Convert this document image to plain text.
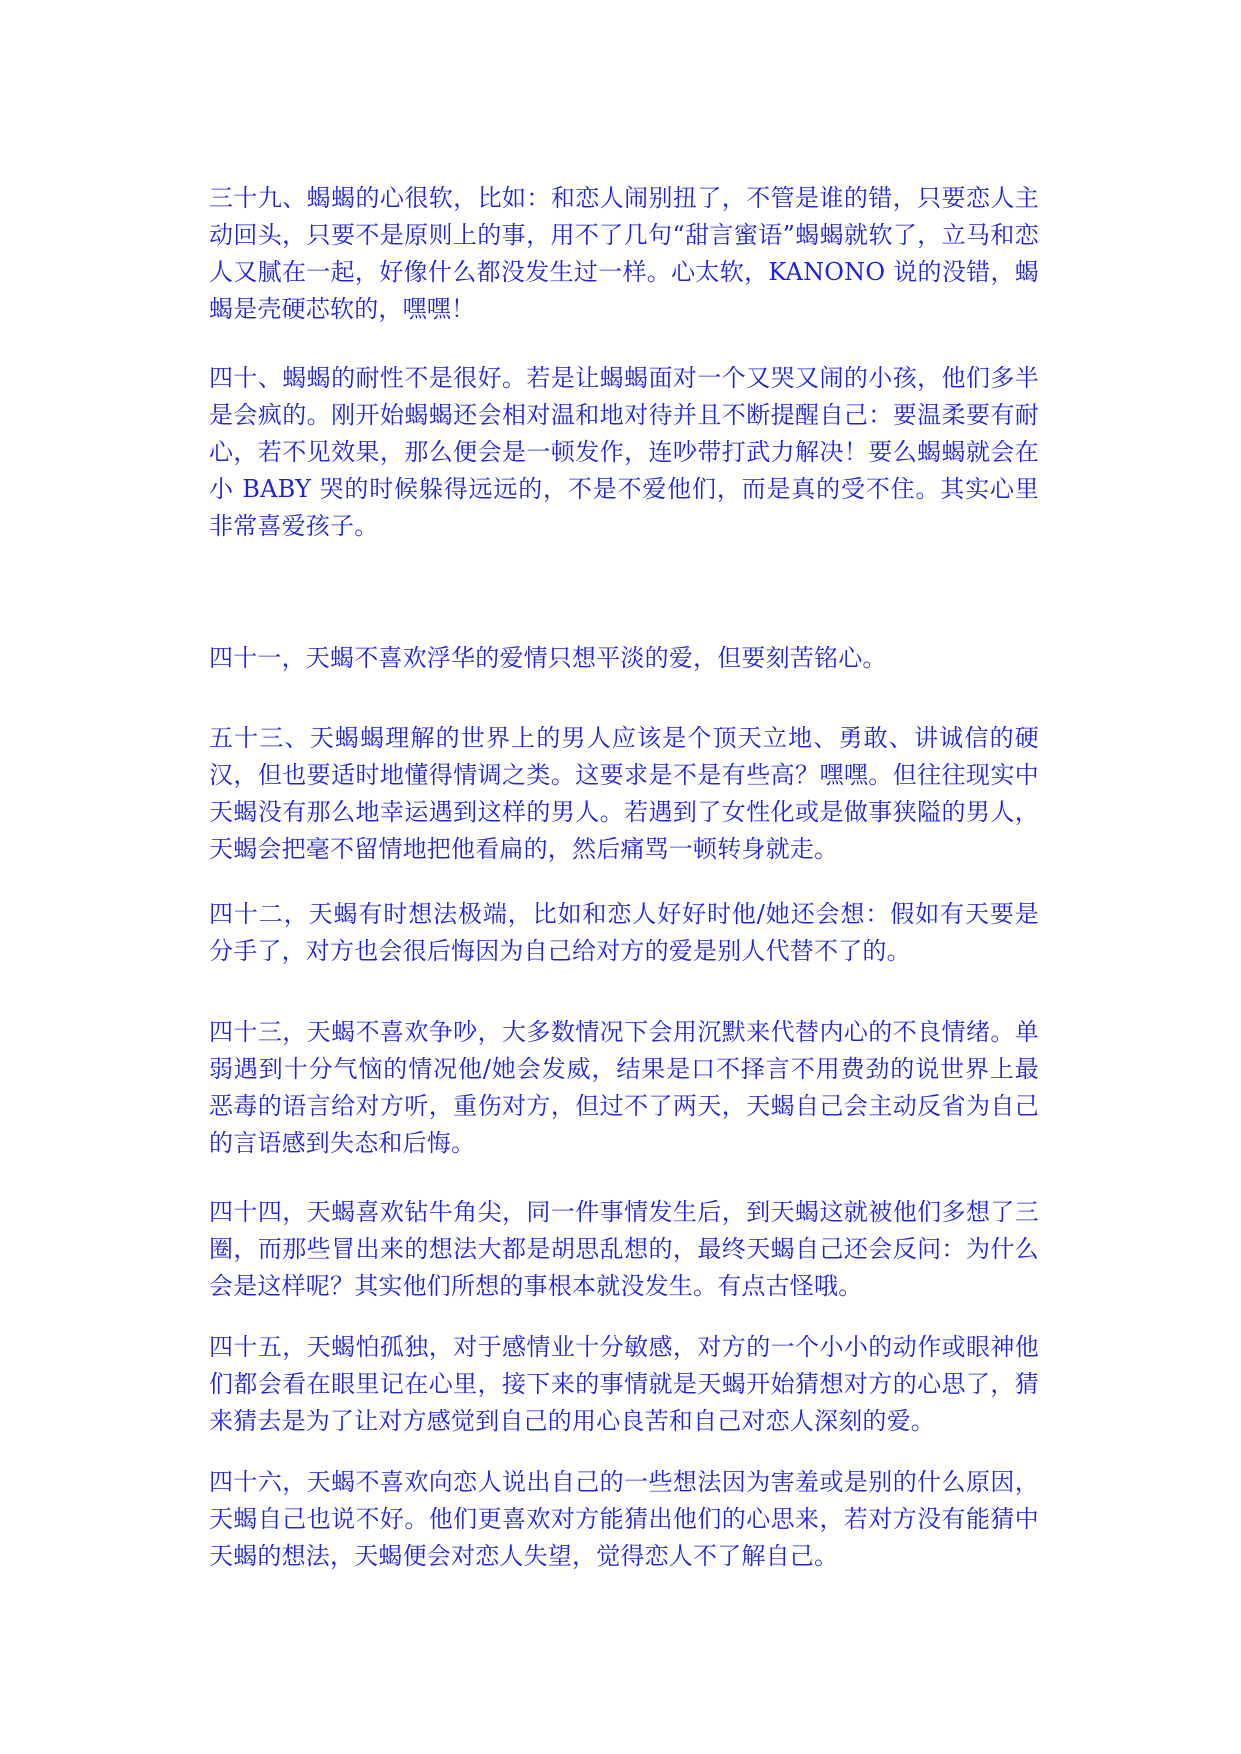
三十九、蝎蝎的心很软，比如：和恋人闹别扭了，不管是谁的错，只要恋人主动回头，只要不是原则上的事，用不了几句“甜言蜜语”蝎蝎就软了，立马和恋人又腻在一起，好像什么都没发生过一样。心太软，KANONO 说的没错，蝎蝎是壳硬芯软的，嘿嘿！

四十、蝎蝎的耐性不是很好。若是让蝎蝎面对一个又哭又闹的小孩，他们多半是会疯的。刚开始蝎蝎还会相对温和地对待并且不断提醒自己：要温柔要有耐心，若不见效果，那么便会是一顿发作，连吵带打武力解决！要么蝎蝎就会在小 BABY 哭的时候躲得远远的，不是不爱他们，而是真的受不住。其实心里非常喜爱孩子。

四十一，天蝎不喜欢浮华的爱情只想平淡的爱，但要刻苦铭心。

五十三、天蝎蝎理解的世界上的男人应该是个顶天立地、勇敢、讲诚信的硬汉，但也要适时地懂得情调之类。这要求是不是有些高？嘿嘿。但往往现实中天蝎没有那么地幸运遇到这样的男人。若遇到了女性化或是做事狭隘的男人，天蝎会把毫不留情地把他看扁的，然后痛骂一顿转身就走。

四十二，天蝎有时想法极端，比如和恋人好好时他/她还会想：假如有天要是分手了，对方也会很后悔因为自己给对方的爱是别人代替不了的。

四十三，天蝎不喜欢争吵，大多数情况下会用沉默来代替内心的不良情绪。单弱遇到十分气恼的情况他/她会发威，结果是口不择言不用费劲的说世界上最恶毒的语言给对方听，重伤对方，但过不了两天，天蝎自己会主动反省为自己的言语感到失态和后悔。

四十四，天蝎喜欢钻牛角尖，同一件事情发生后，到天蝎这就被他们多想了三圈，而那些冒出来的想法大都是胡思乱想的，最终天蝎自己还会反问：为什么会是这样呢？其实他们所想的事根本就没发生。有点古怪哦。

四十五，天蝎怕孤独，对于感情业十分敏感，对方的一个小小的动作或眼神他们都会看在眼里记在心里，接下来的事情就是天蝎开始猜想对方的心思了，猜来猜去是为了让对方感觉到自己的用心良苦和自己对恋人深刻的爱。

四十六，天蝎不喜欢向恋人说出自己的一些想法因为害羞或是别的什么原因，天蝎自己也说不好。他们更喜欢对方能猜出他们的心思来，若对方没有能猜中天蝎的想法，天蝎便会对恋人失望，觉得恋人不了解自己。
